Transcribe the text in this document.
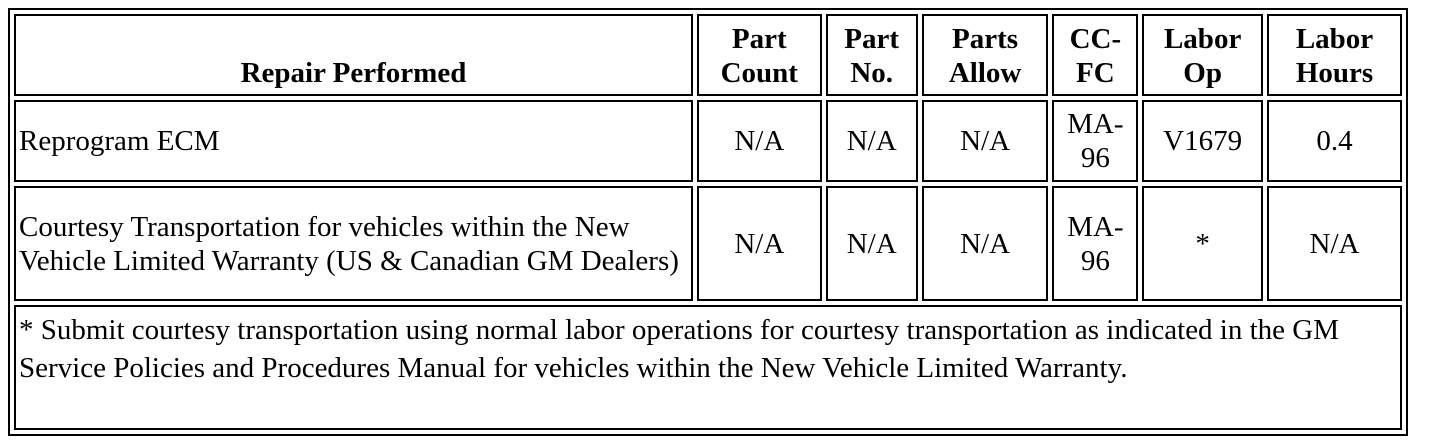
Repair Performed	Part Count	Part No.	Parts Allow	CC-FC	Labor Op	Labor Hours
Reprogram ECM	N/A	N/A	N/A	MA-96	V1679	0.4
Courtesy Transportation for vehicles within the New Vehicle Limited Warranty (US & Canadian GM Dealers)	N/A	N/A	N/A	MA-96	*	N/A
* Submit courtesy transportation using normal labor operations for courtesy transportation as indicated in the GM Service Policies and Procedures Manual for vehicles within the New Vehicle Limited Warranty.						
